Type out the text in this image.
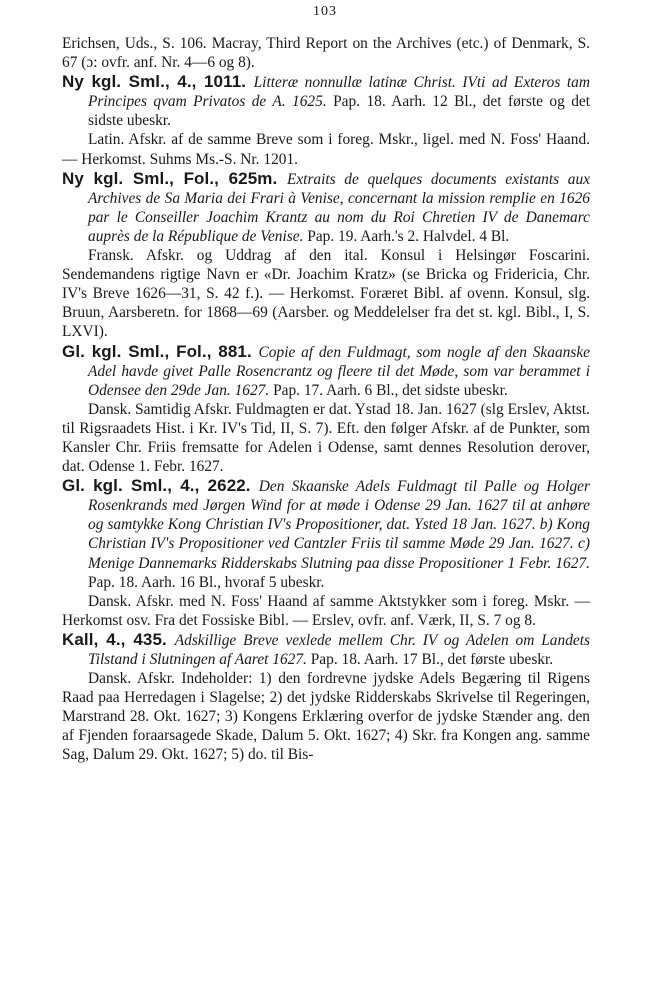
103

Erichsen, Uds., S. 106. Macray, Third Report on the Archives (etc.) of Denmark, S. 67 (ɔ: ovfr. anf. Nr. 4—6 og 8).

Ny kgl. Sml., 4., 1011. Litteræ nonnullæ latinæ Christ. IVti ad Exteros tam Principes qvam Privatos de A. 1625. Pap. 18. Aarh. 12 Bl., det første og det sidste ubeskr.

Latin. Afskr. af de samme Breve som i foreg. Mskr., ligel. med N. Foss' Haand. — Herkomst. Suhms Ms.-S. Nr. 1201.

Ny kgl. Sml., Fol., 625m. Extraits de quelques documents existants aux Archives de Sa Maria dei Frari à Venise, concernant la mission remplie en 1626 par le Conseiller Joachim Krantz au nom du Roi Chretien IV de Danemarc auprès de la République de Venise. Pap. 19. Aarh.'s 2. Halvdel. 4 Bl.

Fransk. Afskr. og Uddrag af den ital. Konsul i Helsingør Foscarini. Sendemandens rigtige Navn er «Dr. Joachim Kratz» (se Bricka og Fridericia, Chr. IV's Breve 1626—31, S. 42 f.). — Herkomst. Foræret Bibl. af ovenn. Konsul, slg. Bruun, Aarsberetn. for 1868—69 (Aarsber. og Meddelelser fra det st. kgl. Bibl., I, S. LXVI).

Gl. kgl. Sml., Fol., 881. Copie af den Fuldmagt, som nogle af den Skaanske Adel havde givet Palle Rosencrantz og fleere til det Møde, som var berammet i Odensee den 29de Jan. 1627. Pap. 17. Aarh. 6 Bl., det sidste ubeskr.

Dansk. Samtidig Afskr. Fuldmagten er dat. Ystad 18. Jan. 1627 (slg Erslev, Aktst. til Rigsraadets Hist. i Kr. IV's Tid, II, S. 7). Eft. den følger Afskr. af de Punkter, som Kansler Chr. Friis fremsatte for Adelen i Odense, samt dennes Resolution derover, dat. Odense 1. Febr. 1627.

Gl. kgl. Sml., 4., 2622. Den Skaanske Adels Fuldmagt til Palle og Holger Rosenkrands med Jørgen Wind for at møde i Odense 29 Jan. 1627 til at anhøre og samtykke Kong Christian IV's Propositioner, dat. Ysted 18 Jan. 1627. b) Kong Christian IV's Propositioner ved Cantzler Friis til samme Møde 29 Jan. 1627. c) Menige Dannemarks Ridderskabs Slutning paa disse Propositioner 1 Febr. 1627. Pap. 18. Aarh. 16 Bl., hvoraf 5 ubeskr.

Dansk. Afskr. med N. Foss' Haand af samme Aktstykker som i foreg. Mskr. — Herkomst osv. Fra det Fossiske Bibl. — Erslev, ovfr. anf. Værk, II, S. 7 og 8.

Kall, 4., 435. Adskillige Breve vexlede mellem Chr. IV og Adelen om Landets Tilstand i Slutningen af Aaret 1627. Pap. 18. Aarh. 17 Bl., det første ubeskr.

Dansk. Afskr. Indeholder: 1) den fordrevne jydske Adels Begæring til Rigens Raad paa Herredagen i Slagelse; 2) det jydske Ridderskabs Skrivelse til Regeringen, Marstrand 28. Okt. 1627; 3) Kongens Erklæring overfor de jydske Stænder ang. den af Fjenden foraarsagede Skade, Dalum 5. Okt. 1627; 4) Skr. fra Kongen ang. samme Sag, Dalum 29. Okt. 1627; 5) do. til Bis-
